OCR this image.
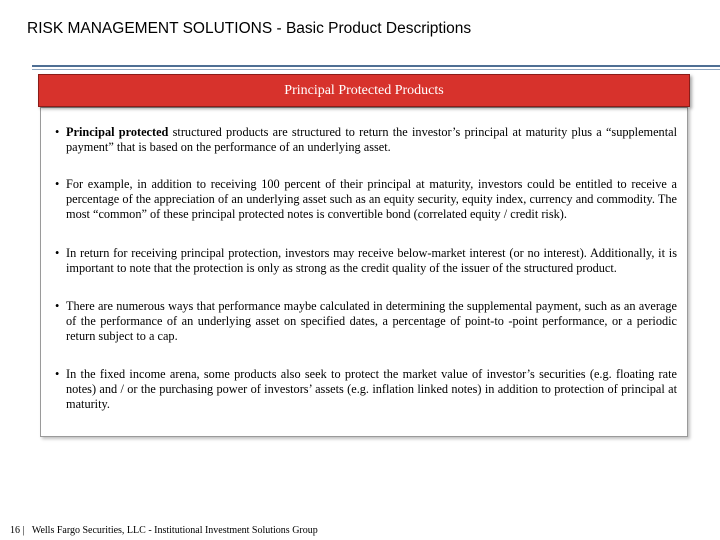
RISK MANAGEMENT SOLUTIONS - Basic Product Descriptions
Principal Protected Products
• Principal protected structured products are structured to return the investor’s principal at maturity plus a “supplemental payment” that is based on the performance of an underlying asset.
• For example, in addition to receiving 100 percent of their principal at maturity, investors could be entitled to receive a percentage of the appreciation of an underlying asset such as an equity security, equity index, currency and commodity. The most “common” of these principal protected notes is convertible bond (correlated equity / credit risk).
• In return for receiving principal protection, investors may receive below-market interest (or no interest). Additionally, it is important to note that the protection is only as strong as the credit quality of the issuer of the structured product.
• There are numerous ways that performance maybe calculated in determining the supplemental payment, such as an average of the performance of an underlying asset on specified dates, a percentage of point-to -point performance, or a periodic return subject to a cap.
• In the fixed income arena, some products also seek to protect the market value of investor’s securities (e.g. floating rate notes) and / or the purchasing power of investors’ assets (e.g. inflation linked notes) in addition to protection of principal at maturity.
16 |   Wells Fargo Securities, LLC - Institutional Investment Solutions Group
